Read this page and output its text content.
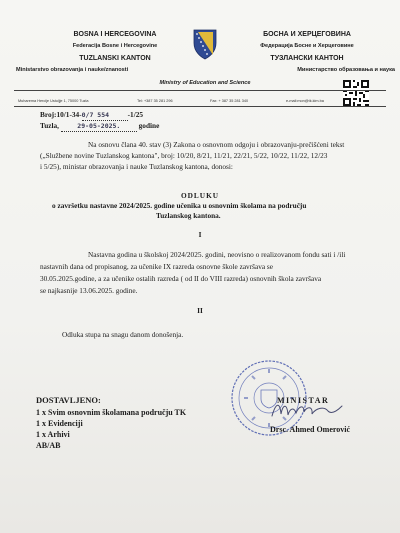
BOSNA I HERCEGOVINA
Federacija Bosne i Hercegovine
TUZLANSKI KANTON
Ministarstvo obrazovanja i nauke/znanosti
БОСНА И ХЕРЦЕГОВИНА
Федерација Босне и Херцеговине
ТУЗЛАНСКИ КАНТОН
Министарство образовања и наука
Ministry of Education and Science
Muharema Hercije Ustuljje 1, 75000 Tuzla	Tel: +387 35 281 296	Fax: + 387 35 281 340	e-mail:mon@tk.kim.ba
Broj:10/1-34-0/7 554	-1/25
Tuzla,	29-05-2025.	godine
Na osnovu člana 40. stav (3) Zakona o osnovnom odgoju i obrazovanju-prečišćeni tekst
(„Službene novine Tuzlanskog kantona", broj: 10/20, 8/21, 11/21, 22/21, 5/22, 10/22, 11/22, 12/23
i 5/25), ministar obrazovanja i nauke Tuzlanskog kantona, donosi:
ODLUKU
o završetku nastavne 2024/2025. godine učenika u osnovnim školama na području
Tuzlanskog kantona.
I
Nastavna godina u školskoj 2024/2025. godini, neovisno o realizovanom fondu sati i /ili
nastavnih dana od propisanog, za učenike IX razreda osnovne škole završava se
30.05.2025.godine, a za učenike ostalih razreda ( od II do VIII razreda) osnovnih škola završava
se najkasnije 13.06.2025. godine.
II
Odluka stupa na snagu danom donošenja.
DOSTAVLJENO:
1 x Svim osnovnim školamana području TK
1 x Evidenciji
1 x Arhivi
AB/AB
MINISTAR
Drsc. Ahmed Omerović
